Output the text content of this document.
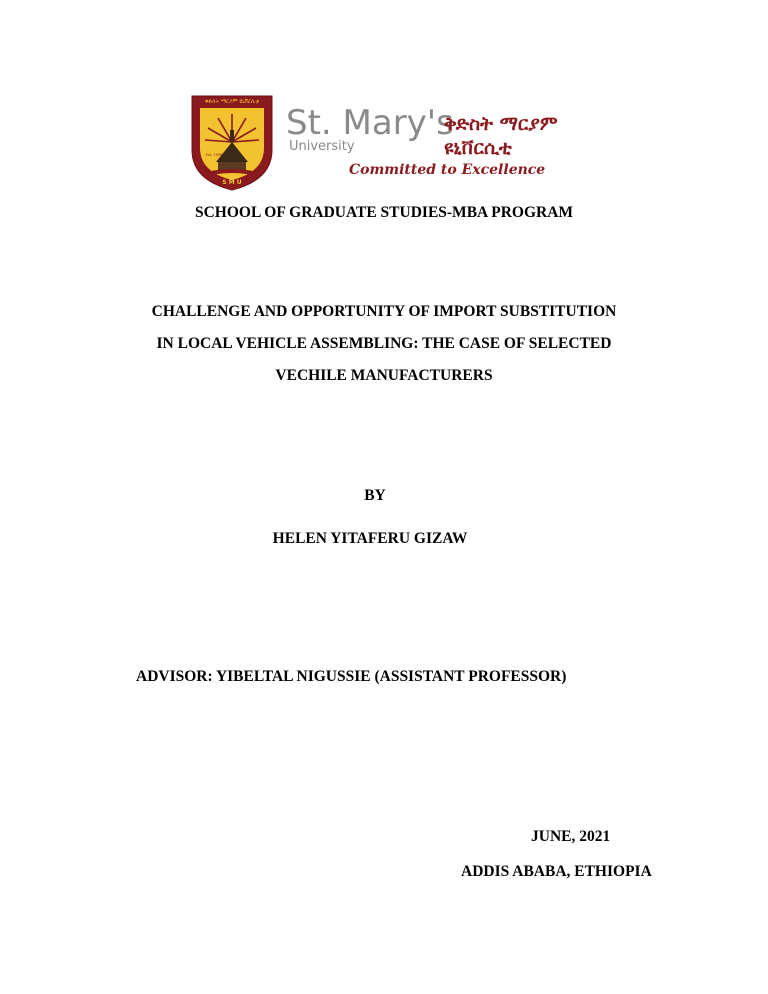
ቅድስት ማርያም ዩኒቨርሲቲ
S M U
Est. 1998
St. Mary's
University
ቅድስት ማርያም
ዩኒቨርሲቲ
Committed to Excellence

SCHOOL OF GRADUATE STUDIES-MBA PROGRAM

CHALLENGE AND OPPORTUNITY OF IMPORT SUBSTITUTION

IN LOCAL VEHICLE ASSEMBLING: THE CASE OF SELECTED

VECHILE MANUFACTURERS

BY

HELEN YITAFERU GIZAW

ADVISOR: YIBELTAL NIGUSSIE (ASSISTANT PROFESSOR)

JUNE, 2021

ADDIS ABABA, ETHIOPIA
